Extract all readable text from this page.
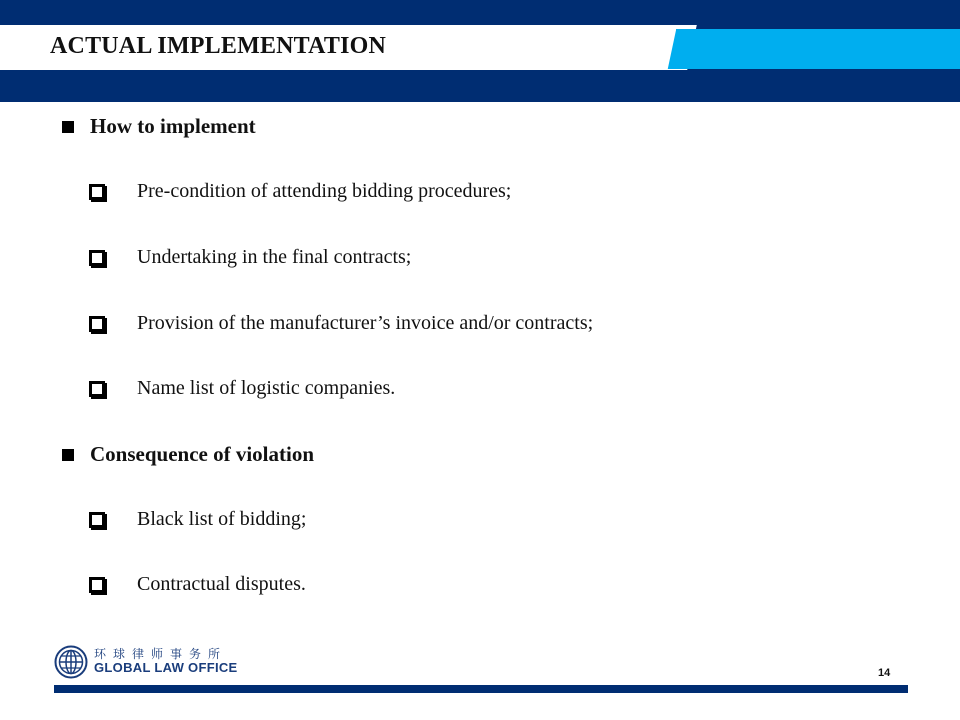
ACTUAL IMPLEMENTATION
How to implement
Pre-condition of attending bidding procedures;
Undertaking in the final contracts;
Provision of the manufacturer’s invoice and/or contracts;
Name list of logistic companies.
Consequence of violation
Black list of bidding;
Contractual disputes.
环球律师事务所
GLOBAL LAW OFFICE	14
